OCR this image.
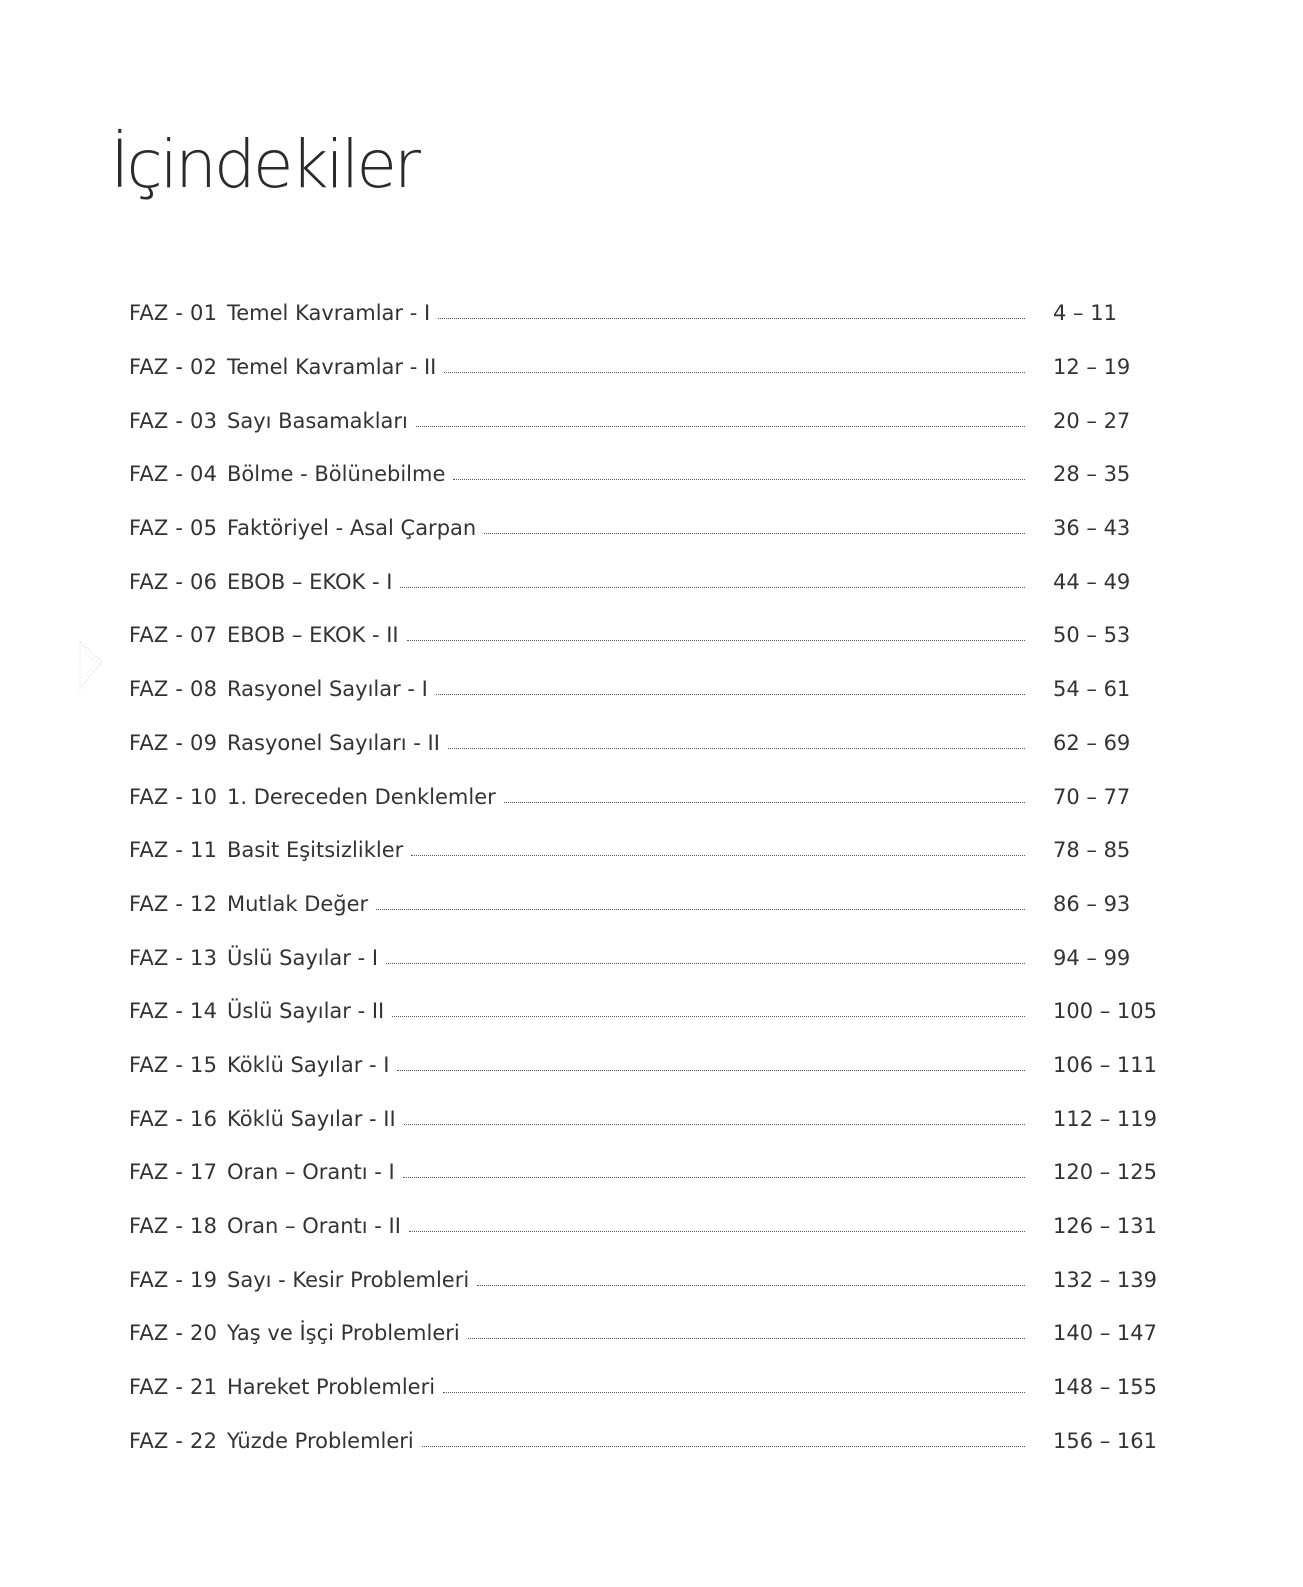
İçindekiler
FAZ - 01 Temel Kavramlar - I	4 – 11
FAZ - 02 Temel Kavramlar - II	12 – 19
FAZ - 03 Sayı Basamakları	20 – 27
FAZ - 04 Bölme - Bölünebilme	28 – 35
FAZ - 05 Faktöriyel - Asal Çarpan	36 – 43
FAZ - 06 EBOB – EKOK - I	44 – 49
FAZ - 07 EBOB – EKOK - II	50 – 53
FAZ - 08 Rasyonel Sayılar - I	54 – 61
FAZ - 09 Rasyonel Sayıları - II	62 – 69
FAZ - 10 1. Dereceden Denklemler	70 – 77
FAZ - 11 Basit Eşitsizlikler	78 – 85
FAZ - 12 Mutlak Değer	86 – 93
FAZ - 13 Üslü Sayılar - I	94 – 99
FAZ - 14 Üslü Sayılar - II	100 – 105
FAZ - 15 Köklü Sayılar - I	106 – 111
FAZ - 16 Köklü Sayılar - II	112 – 119
FAZ - 17 Oran – Orantı - I	120 – 125
FAZ - 18 Oran – Orantı - II	126 – 131
FAZ - 19 Sayı - Kesir Problemleri	132 – 139
FAZ - 20 Yaş ve İşçi Problemleri	140 – 147
FAZ - 21 Hareket Problemleri	148 – 155
FAZ - 22 Yüzde Problemleri	156 – 161
